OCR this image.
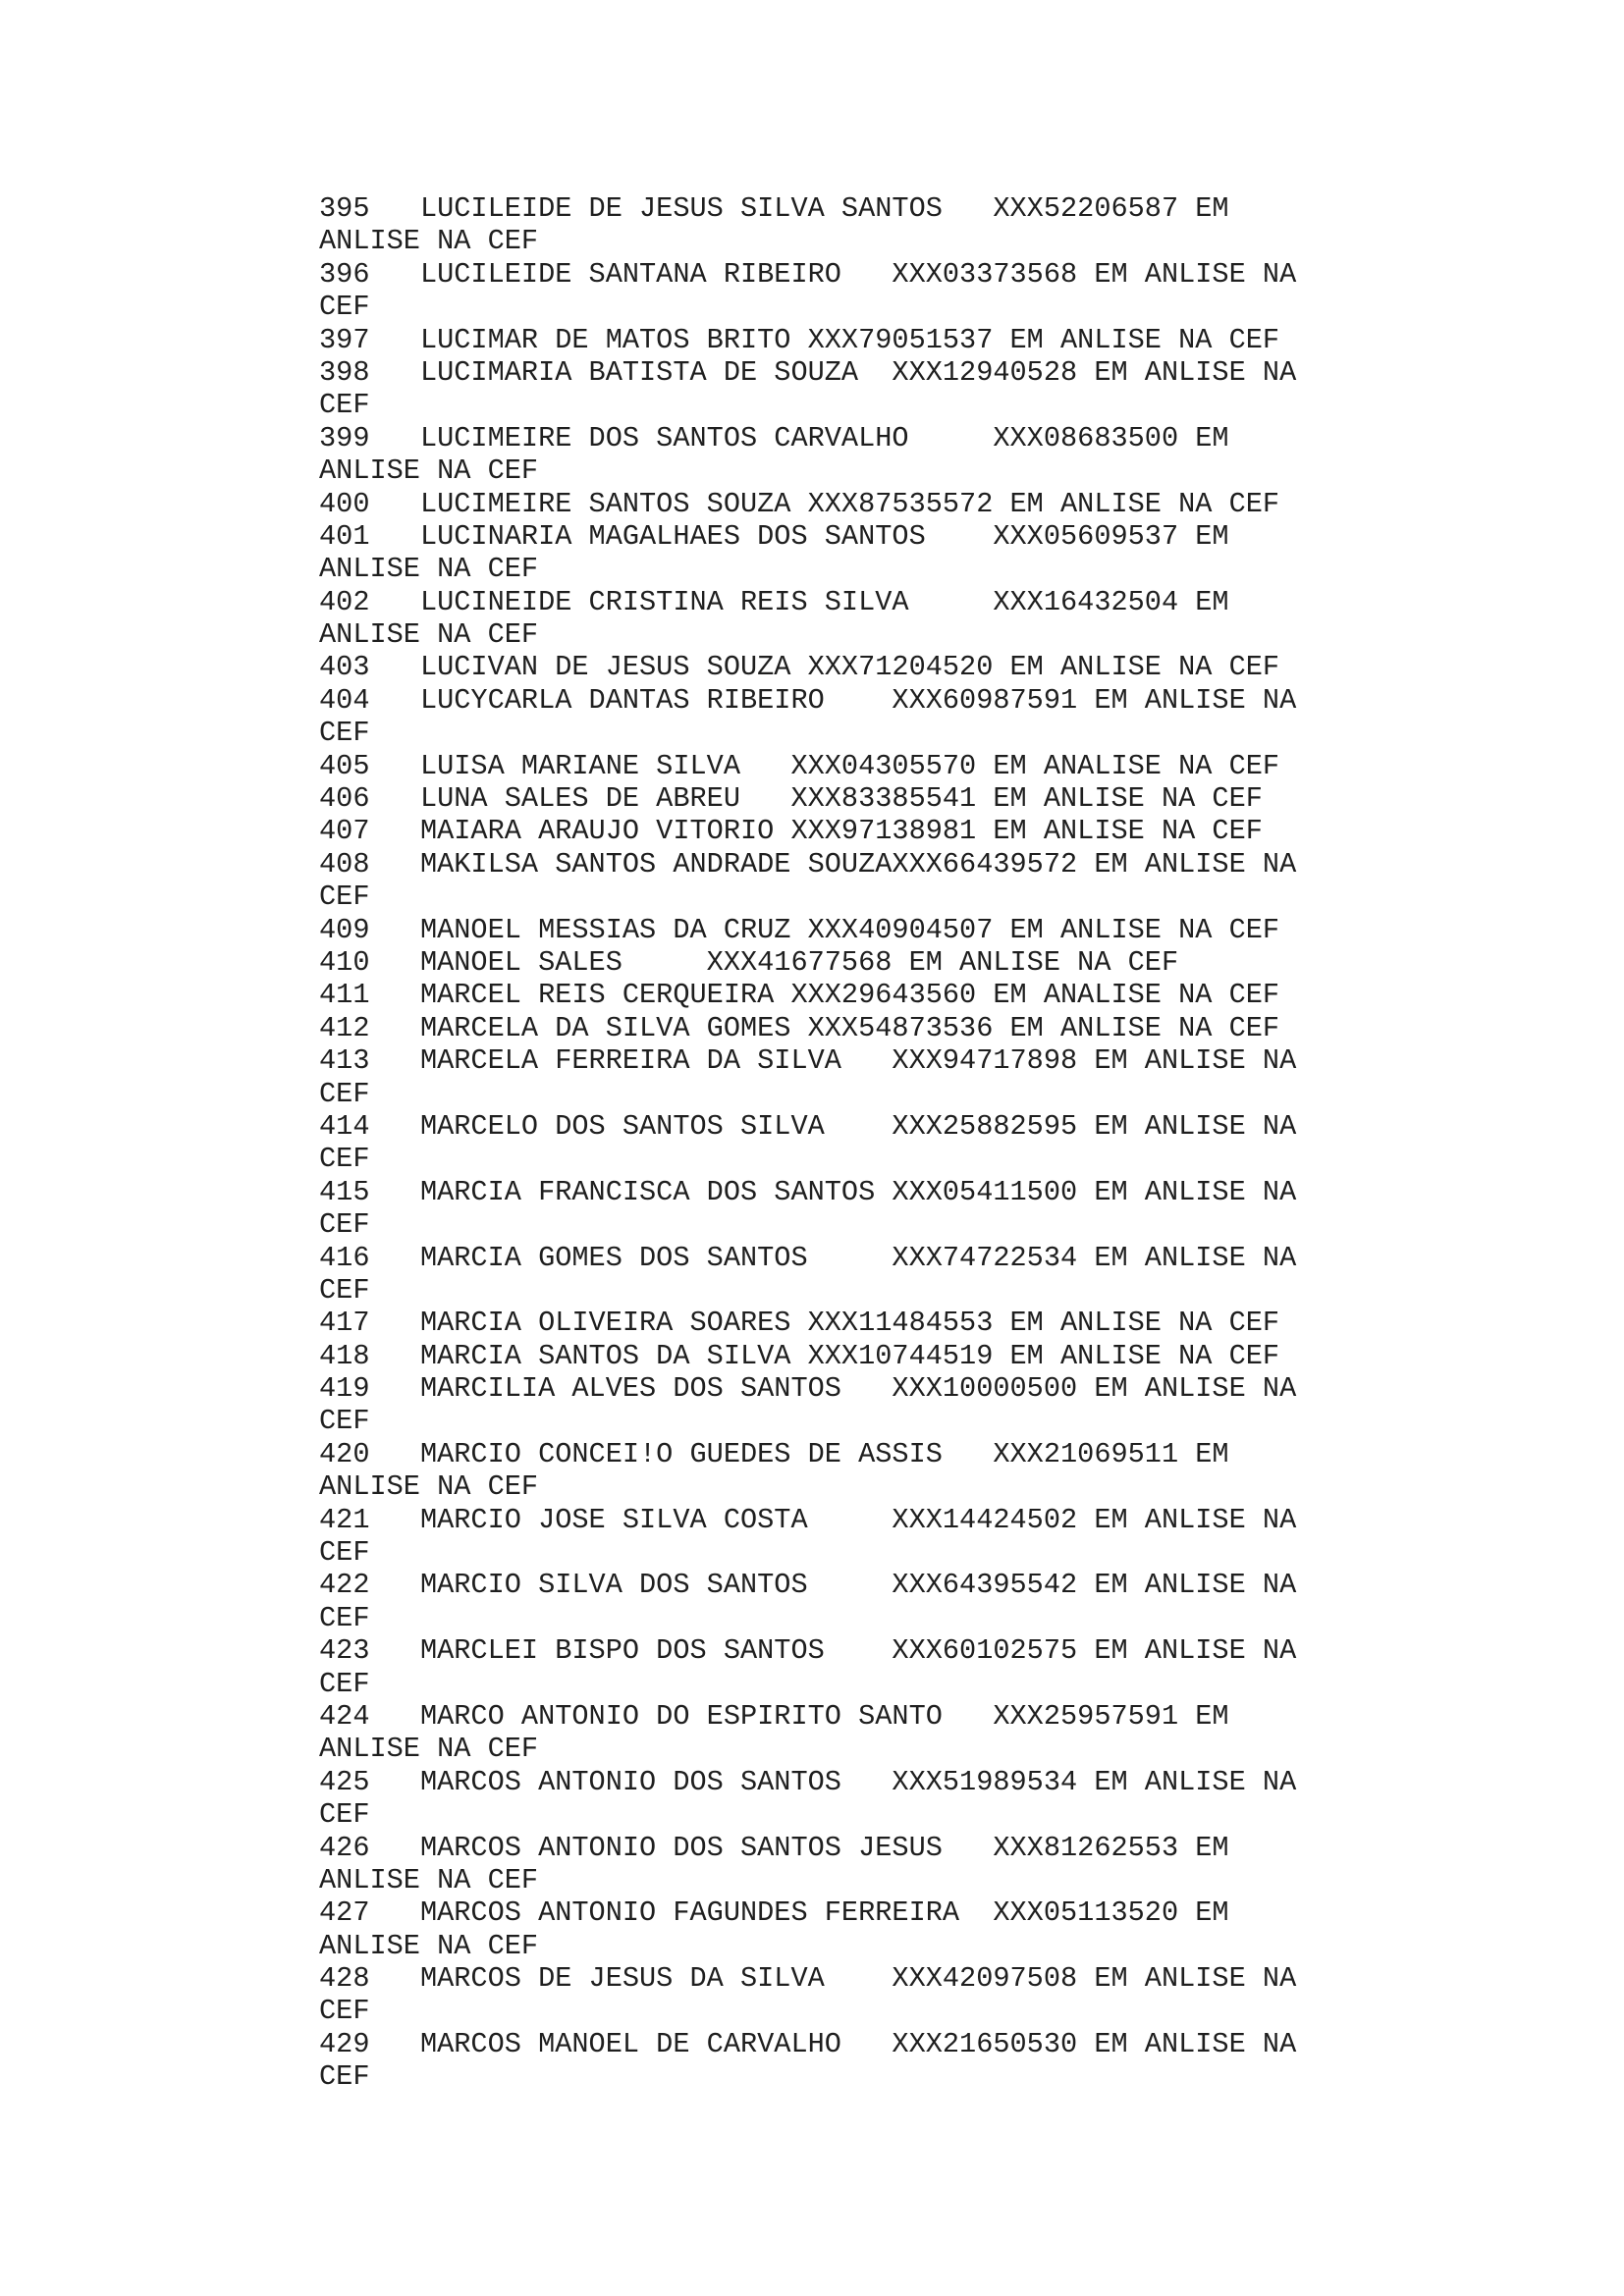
395   LUCILEIDE DE JESUS SILVA SANTOS   XXX52206587 EM
ANLISE NA CEF
396   LUCILEIDE SANTANA RIBEIRO   XXX03373568 EM ANLISE NA
CEF
397   LUCIMAR DE MATOS BRITO XXX79051537 EM ANLISE NA CEF
398   LUCIMARIA BATISTA DE SOUZA  XXX12940528 EM ANLISE NA
CEF
399   LUCIMEIRE DOS SANTOS CARVALHO     XXX08683500 EM
ANLISE NA CEF
400   LUCIMEIRE SANTOS SOUZA XXX87535572 EM ANLISE NA CEF
401   LUCINARIA MAGALHAES DOS SANTOS    XXX05609537 EM
ANLISE NA CEF
402   LUCINEIDE CRISTINA REIS SILVA     XXX16432504 EM
ANLISE NA CEF
403   LUCIVAN DE JESUS SOUZA XXX71204520 EM ANLISE NA CEF
404   LUCYCARLA DANTAS RIBEIRO    XXX60987591 EM ANLISE NA
CEF
405   LUISA MARIANE SILVA   XXX04305570 EM ANALISE NA CEF
406   LUNA SALES DE ABREU   XXX83385541 EM ANLISE NA CEF
407   MAIARA ARAUJO VITORIO XXX97138981 EM ANLISE NA CEF
408   MAKILSA SANTOS ANDRADE SOUZAXXX66439572 EM ANLISE NA
CEF
409   MANOEL MESSIAS DA CRUZ XXX40904507 EM ANLISE NA CEF
410   MANOEL SALES     XXX41677568 EM ANLISE NA CEF
411   MARCEL REIS CERQUEIRA XXX29643560 EM ANALISE NA CEF
412   MARCELA DA SILVA GOMES XXX54873536 EM ANLISE NA CEF
413   MARCELA FERREIRA DA SILVA   XXX94717898 EM ANLISE NA
CEF
414   MARCELO DOS SANTOS SILVA    XXX25882595 EM ANLISE NA
CEF
415   MARCIA FRANCISCA DOS SANTOS XXX05411500 EM ANLISE NA
CEF
416   MARCIA GOMES DOS SANTOS     XXX74722534 EM ANLISE NA
CEF
417   MARCIA OLIVEIRA SOARES XXX11484553 EM ANLISE NA CEF
418   MARCIA SANTOS DA SILVA XXX10744519 EM ANLISE NA CEF
419   MARCILIA ALVES DOS SANTOS   XXX10000500 EM ANLISE NA
CEF
420   MARCIO CONCEI!O GUEDES DE ASSIS   XXX21069511 EM
ANLISE NA CEF
421   MARCIO JOSE SILVA COSTA     XXX14424502 EM ANLISE NA
CEF
422   MARCIO SILVA DOS SANTOS     XXX64395542 EM ANLISE NA
CEF
423   MARCLEI BISPO DOS SANTOS    XXX60102575 EM ANLISE NA
CEF
424   MARCO ANTONIO DO ESPIRITO SANTO   XXX25957591 EM
ANLISE NA CEF
425   MARCOS ANTONIO DOS SANTOS   XXX51989534 EM ANLISE NA
CEF
426   MARCOS ANTONIO DOS SANTOS JESUS   XXX81262553 EM
ANLISE NA CEF
427   MARCOS ANTONIO FAGUNDES FERREIRA  XXX05113520 EM
ANLISE NA CEF
428   MARCOS DE JESUS DA SILVA    XXX42097508 EM ANLISE NA
CEF
429   MARCOS MANOEL DE CARVALHO   XXX21650530 EM ANLISE NA
CEF
